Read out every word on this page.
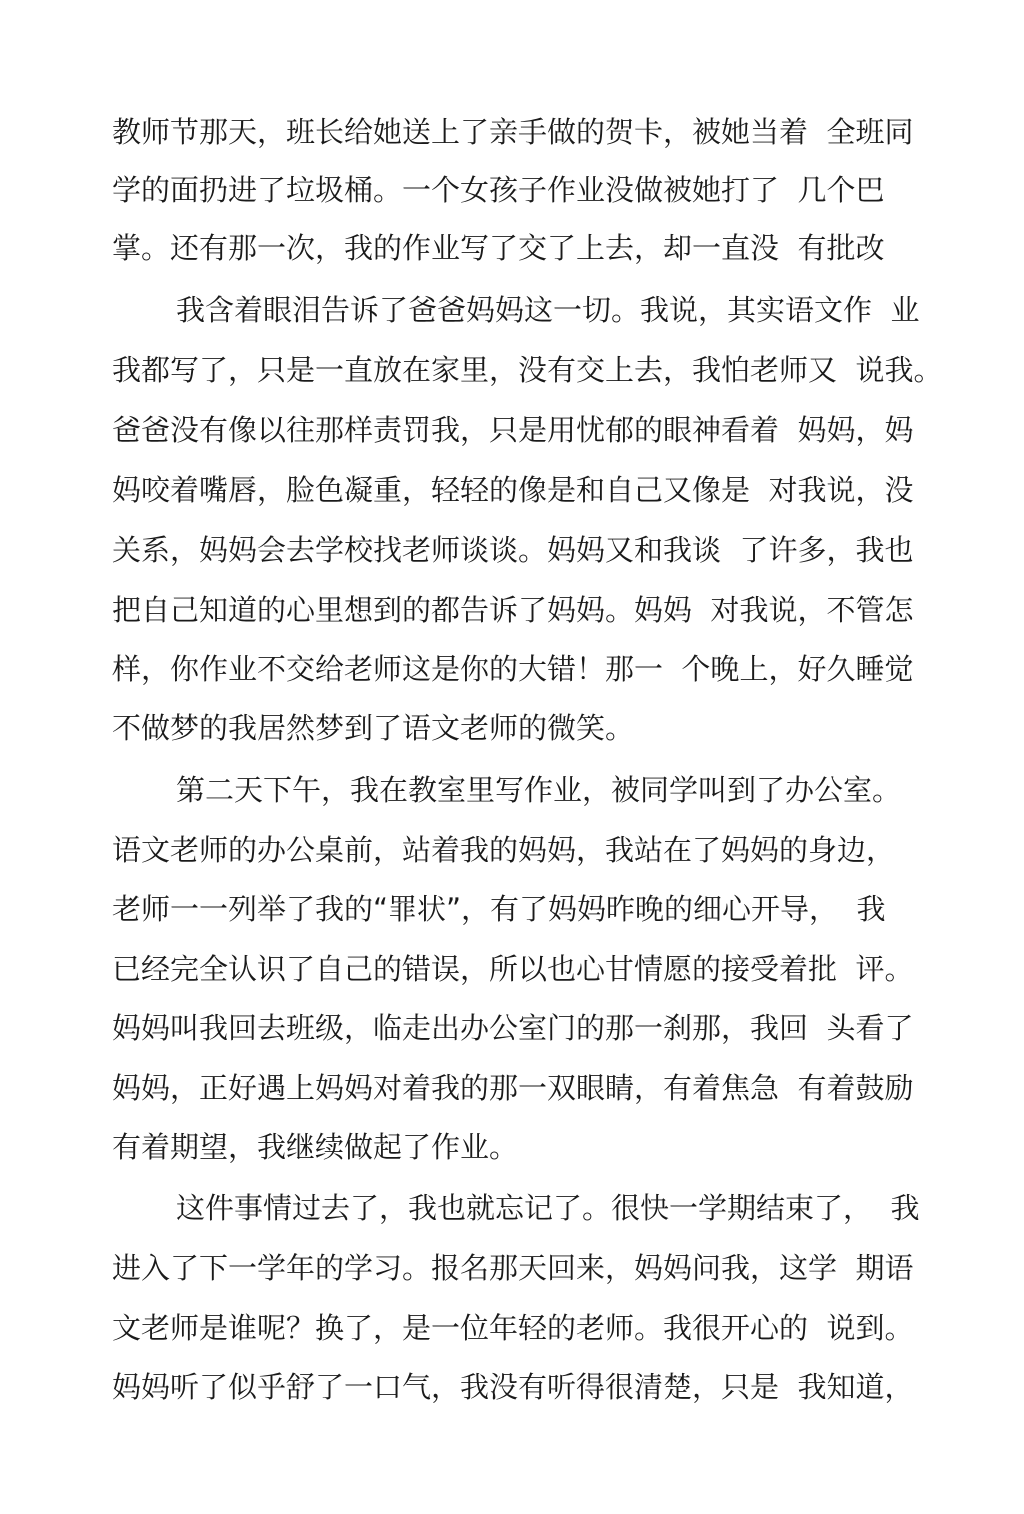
教师节那天，班长给她送上了亲手做的贺卡，被她当着  全班同
学的面扔进了垃圾桶。一个女孩子作业没做被她打了  几个巴
掌。还有那一次，我的作业写了交了上去，却一直没  有批改
我含着眼泪告诉了爸爸妈妈这一切。我说，其实语文作  业
我都写了，只是一直放在家里，没有交上去，我怕老师又  说我。
爸爸没有像以往那样责罚我，只是用忧郁的眼神看着  妈妈，妈
妈咬着嘴唇，脸色凝重，轻轻的像是和自己又像是  对我说，没
关系，妈妈会去学校找老师谈谈。妈妈又和我谈  了许多，我也
把自己知道的心里想到的都告诉了妈妈。妈妈  对我说，不管怎
样，你作业不交给老师这是你的大错！那一  个晚上，好久睡觉
不做梦的我居然梦到了语文老师的微笑。
第二天下午，我在教室里写作业，被同学叫到了办公室。
语文老师的办公桌前，站着我的妈妈，我站在了妈妈的身边，
老师一一列举了我的“罪状”，有了妈妈昨晚的细心开导，  我
已经完全认识了自己的错误，所以也心甘情愿的接受着批  评。
妈妈叫我回去班级，临走出办公室门的那一刹那，我回  头看了
妈妈，正好遇上妈妈对着我的那一双眼睛，有着焦急  有着鼓励
有着期望，我继续做起了作业。
这件事情过去了，我也就忘记了。很快一学期结束了，  我
进入了下一学年的学习。报名那天回来，妈妈问我，这学  期语
文老师是谁呢？换了，是一位年轻的老师。我很开心的  说到。
妈妈听了似乎舒了一口气，我没有听得很清楚，只是  我知道，
